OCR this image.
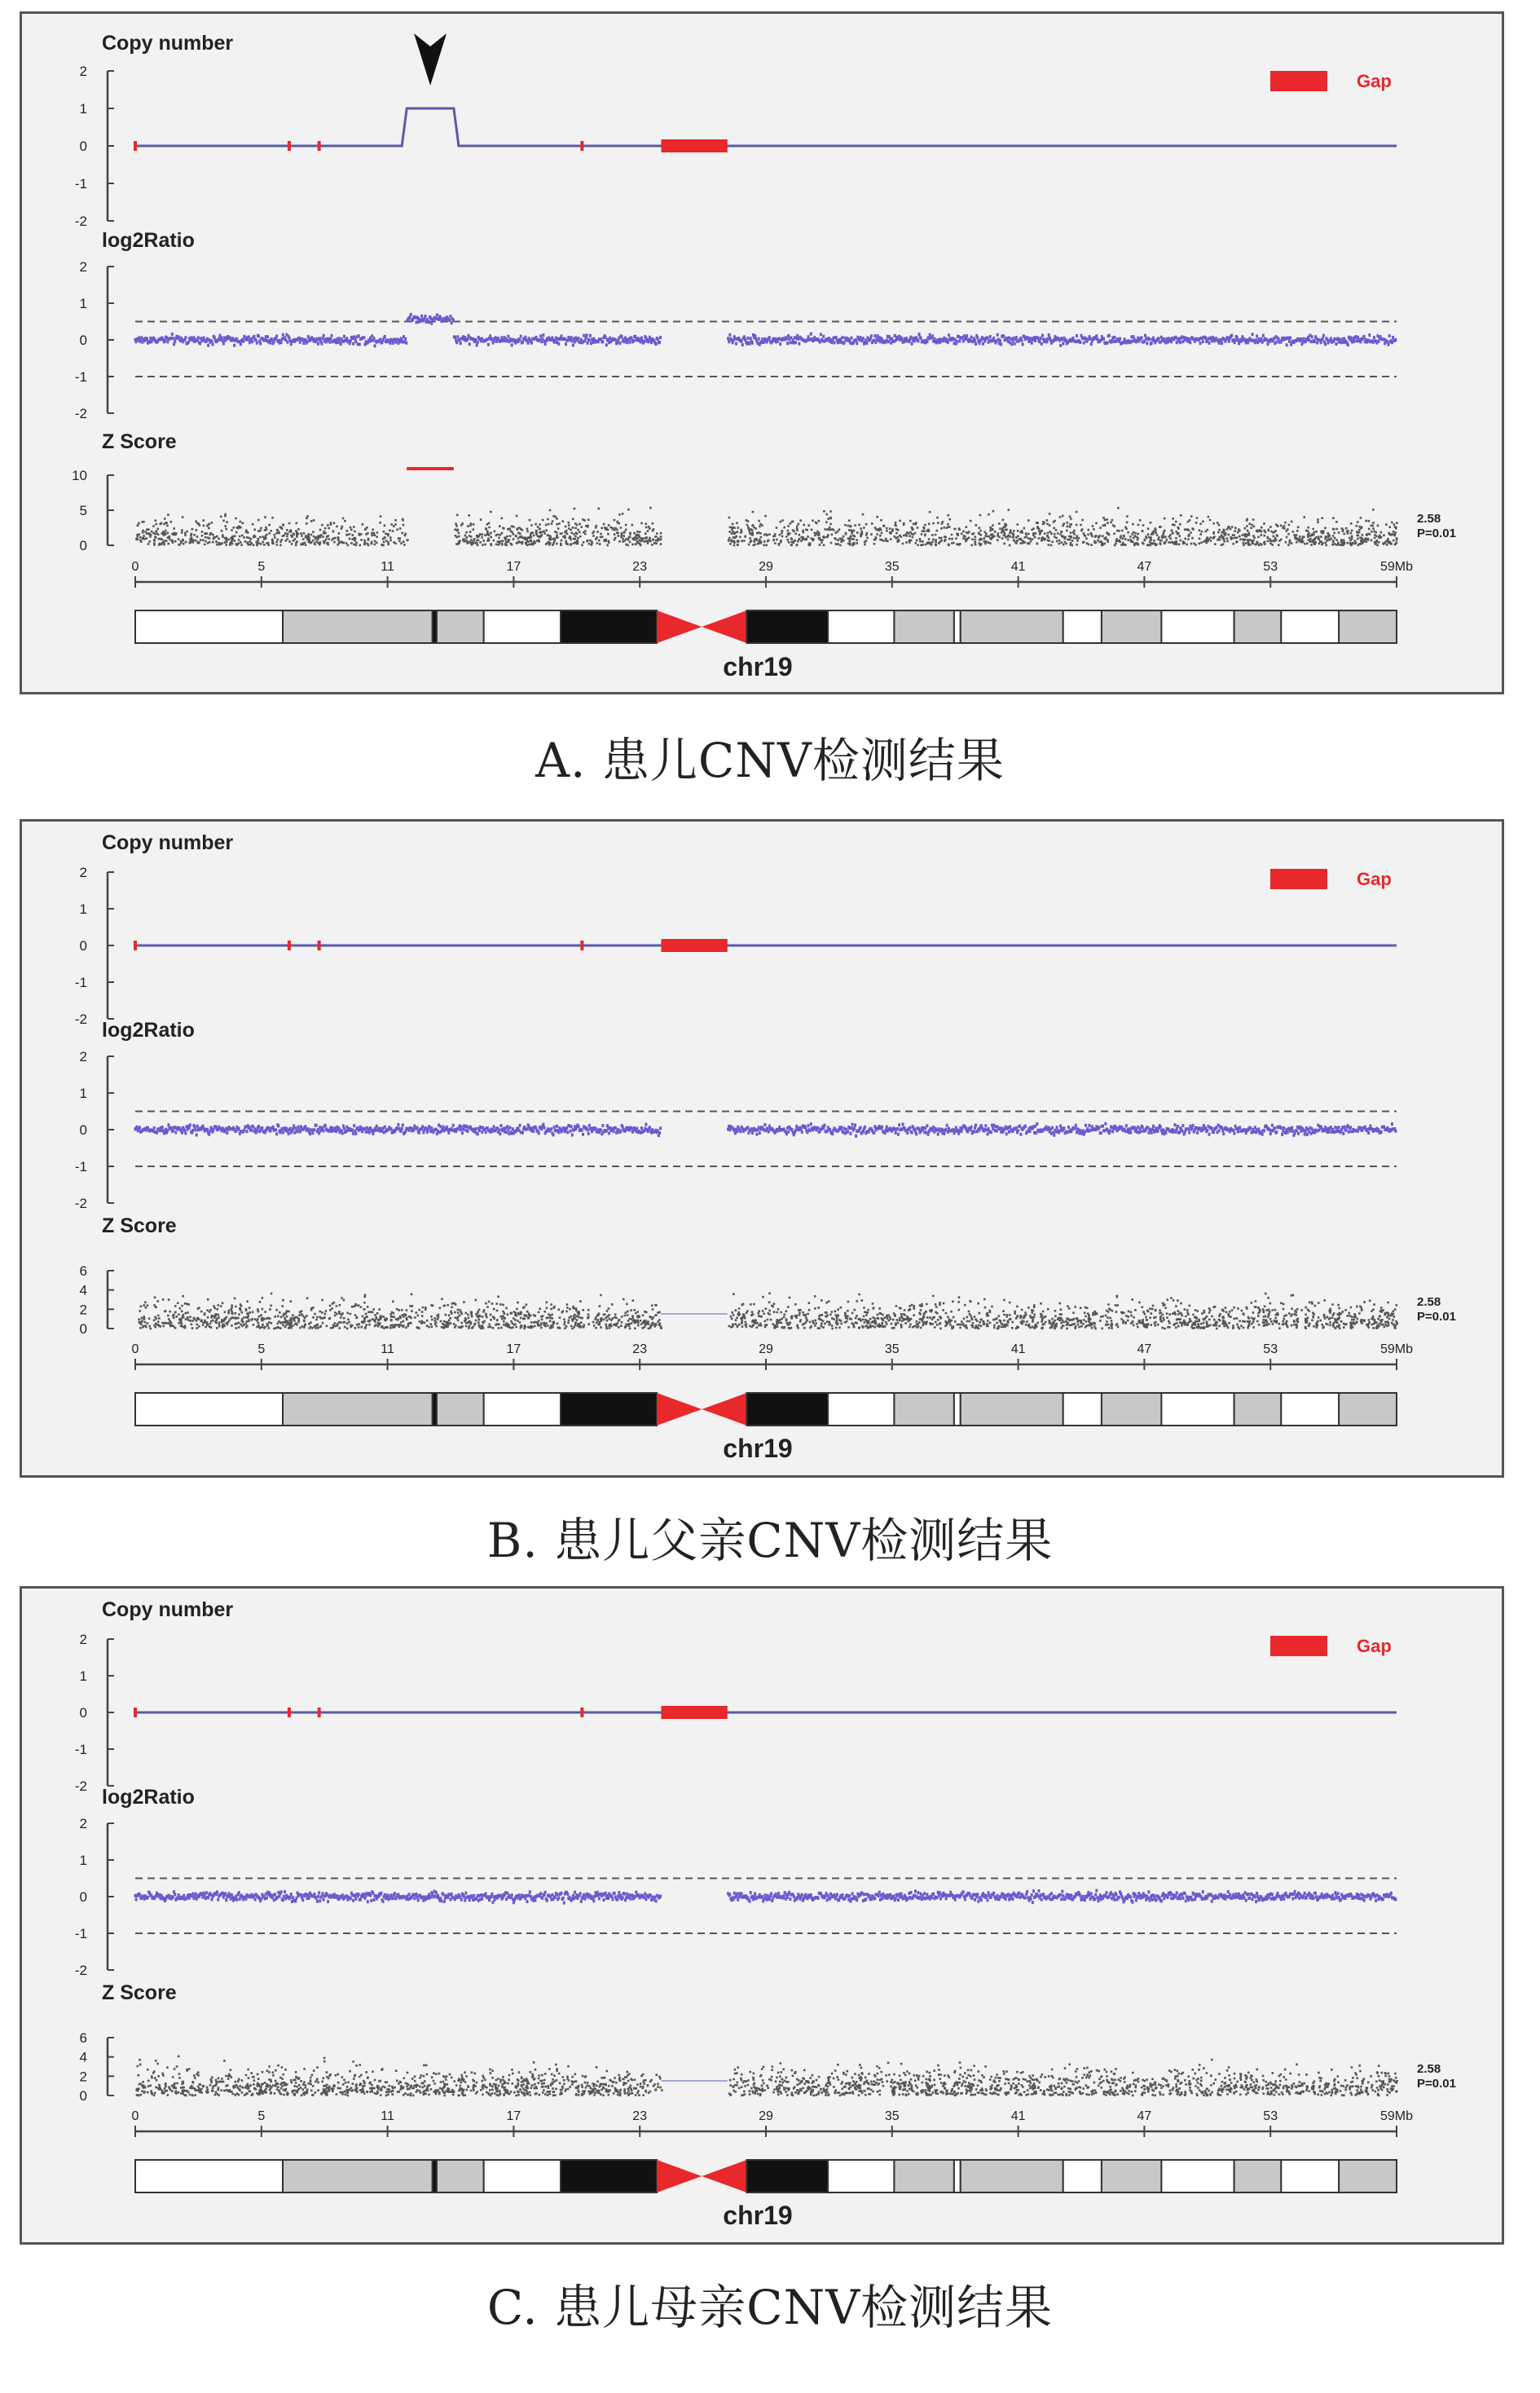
Copy number
log2Ratio
Z Score
Gap
2
1
0
-1
-2
2
1
0
-1
-2
10
5
0
2.58
P=0.01
0	5	11	17	23	29	35	41	47	53	59Mb
chr19
A. 患儿CNV检测结果
Copy number
log2Ratio
Z Score
Gap
2
1
0
-1
-2
2
1
0
-1
-2
6
4
2
0
2.58
P=0.01
0	5	11	17	23	29	35	41	47	53	59Mb
chr19
B. 患儿父亲CNV检测结果
Copy number
log2Ratio
Z Score
Gap
2
1
0
-1
-2
2
1
0
-1
-2
6
4
2
0
2.58
P=0.01
0	5	11	17	23	29	35	41	47	53	59Mb
chr19
C. 患儿母亲CNV检测结果
